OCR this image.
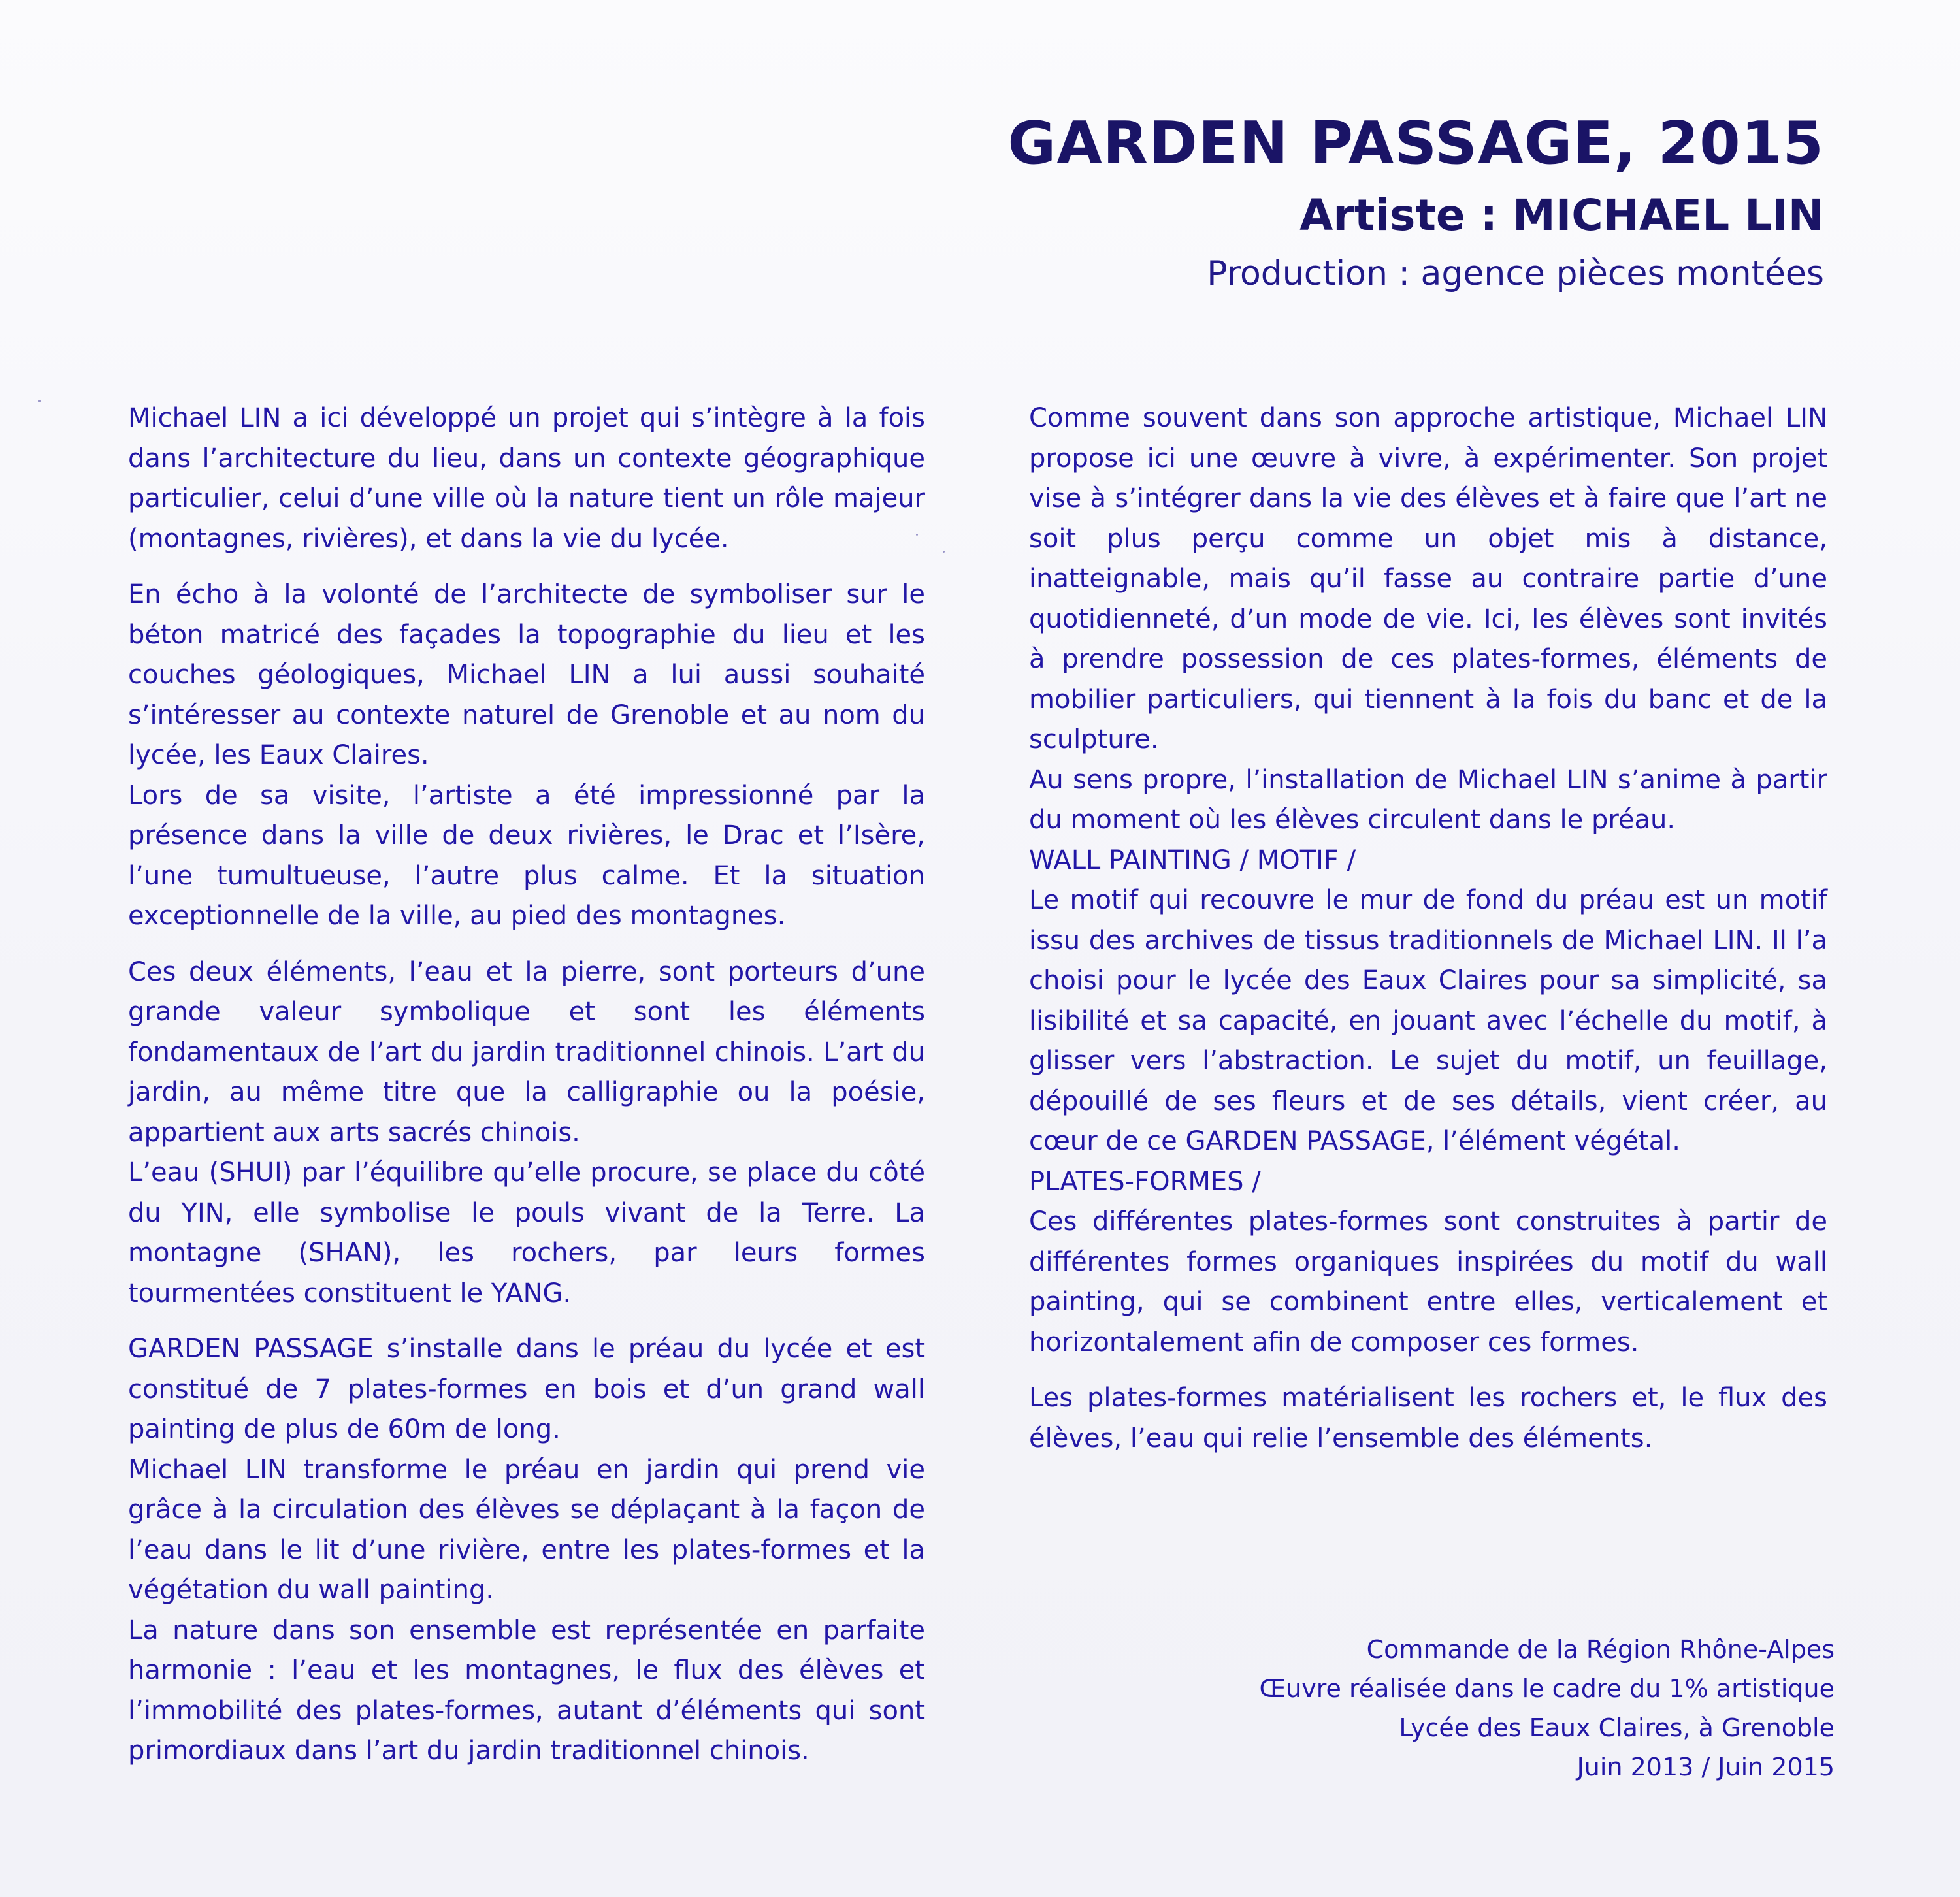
GARDEN PASSAGE, 2015
Artiste : MICHAEL LIN
Production : agence pièces montées

Michael LIN a ici développé un projet qui s’intègre à la fois dans l’architecture du lieu, dans un contexte géographique particulier, celui d’une ville où la nature tient un rôle majeur (montagnes, rivières), et dans la vie du lycée.

En écho à la volonté de l’architecte de symboliser sur le béton matricé des façades la topographie du lieu et les couches géologiques, Michael LIN a lui aussi souhaité s’intéresser au contexte naturel de Grenoble et au nom du lycée, les Eaux Claires.

Lors de sa visite, l’artiste a été impressionné par la présence dans la ville de deux rivières, le Drac et l’Isère, l’une tumultueuse, l’autre plus calme. Et la situation exceptionnelle de la ville, au pied des montagnes.

Ces deux éléments, l’eau et la pierre, sont porteurs d’une grande valeur symbolique et sont les éléments fondamentaux de l’art du jardin traditionnel chinois. L’art du jardin, au même titre que la calligraphie ou la poésie, appartient aux arts sacrés chinois.

L’eau (SHUI) par l’équilibre qu’elle procure, se place du côté du YIN, elle symbolise le pouls vivant de la Terre. La montagne (SHAN), les rochers, par leurs formes tourmentées constituent le YANG.

GARDEN PASSAGE s’installe dans le préau du lycée et est constitué de 7 plates-formes en bois et d’un grand wall painting de plus de 60m de long.

Michael LIN transforme le préau en jardin qui prend vie grâce à la circulation des élèves se déplaçant à la façon de l’eau dans le lit d’une rivière, entre les plates-formes et la végétation du wall painting.

La nature dans son ensemble est représentée en parfaite harmonie : l’eau et les montagnes, le flux des élèves et l’immobilité des plates-formes, autant d’éléments qui sont primordiaux dans l’art du jardin traditionnel chinois.

Comme souvent dans son approche artistique, Michael LIN propose ici une œuvre à vivre, à expérimenter. Son projet vise à s’intégrer dans la vie des élèves et à faire que l’art ne soit plus perçu comme un objet mis à distance, inatteignable, mais qu’il fasse au contraire partie d’une quotidienneté, d’un mode de vie. Ici, les élèves sont invités à prendre possession de ces plates-formes, éléments de mobilier particuliers, qui tiennent à la fois du banc et de la sculpture.

Au sens propre, l’installation de Michael LIN s’anime à partir du moment où les élèves circulent dans le préau.

WALL PAINTING / MOTIF /

Le motif qui recouvre le mur de fond du préau est un motif issu des archives de tissus traditionnels de Michael LIN. Il l’a choisi pour le lycée des Eaux Claires pour sa simplicité, sa lisibilité et sa capacité, en jouant avec l’échelle du motif, à glisser vers l’abstraction. Le sujet du motif, un feuillage, dépouillé de ses fleurs et de ses détails, vient créer, au cœur de ce GARDEN PASSAGE, l’élément végétal.

PLATES-FORMES /

Ces différentes plates-formes sont construites à partir de différentes formes organiques inspirées du motif du wall painting, qui se combinent entre elles, verticalement et horizontalement afin de composer ces formes.

Les plates-formes matérialisent les rochers et, le flux des élèves, l’eau qui relie l’ensemble des éléments.

Commande de la Région Rhône-Alpes
Œuvre réalisée dans le cadre du 1% artistique
Lycée des Eaux Claires, à Grenoble
Juin 2013 / Juin 2015
